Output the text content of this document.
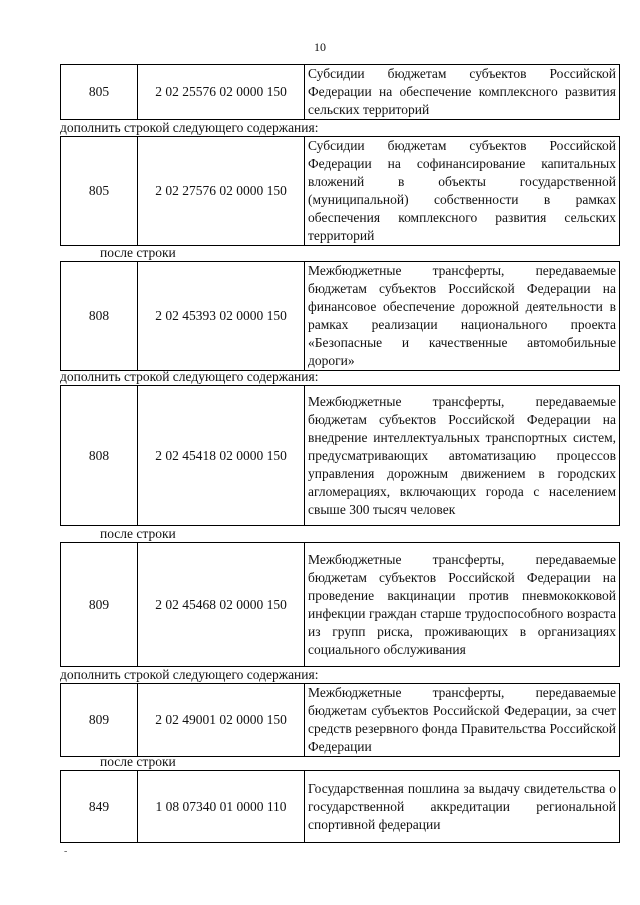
10
805	2 02 25576 02 0000 150	Субсидии бюджетам субъектов Российской Федерации на обеспечение комплексного развития сельских территорий
дополнить строкой следующего содержания:
805	2 02 27576 02 0000 150	Субсидии бюджетам субъектов Российской Федерации на софинансирование капитальных вложений в объекты государственной (муниципальной) собственности в рамках обеспечения комплексного развития сельских территорий
после строки
808	2 02 45393 02 0000 150	Межбюджетные трансферты, передаваемые бюджетам субъектов Российской Федерации на финансовое обеспечение дорожной деятельности в рамках реализации национального проекта «Безопасные и качественные автомобильные дороги»
дополнить строкой следующего содержания:
808	2 02 45418 02 0000 150	Межбюджетные трансферты, передаваемые бюджетам субъектов Российской Федерации на внедрение интеллектуальных транспортных систем, предусматривающих автоматизацию процессов управления дорожным движением в городских агломерациях, включающих города с населением свыше 300 тысяч человек
после строки
809	2 02 45468 02 0000 150	Межбюджетные трансферты, передаваемые бюджетам субъектов Российской Федерации на проведение вакцинации против пневмококковой инфекции граждан старше трудоспособного возраста из групп риска, проживающих в организациях социального обслуживания
дополнить строкой следующего содержания:
809	2 02 49001 02 0000 150	Межбюджетные трансферты, передаваемые бюджетам субъектов Российской Федерации, за счет средств резервного фонда Правительства Российской Федерации
после строки
849	1 08 07340 01 0000 110	Государственная пошлина за выдачу свидетельства о государственной аккредитации региональной спортивной федерации
-
